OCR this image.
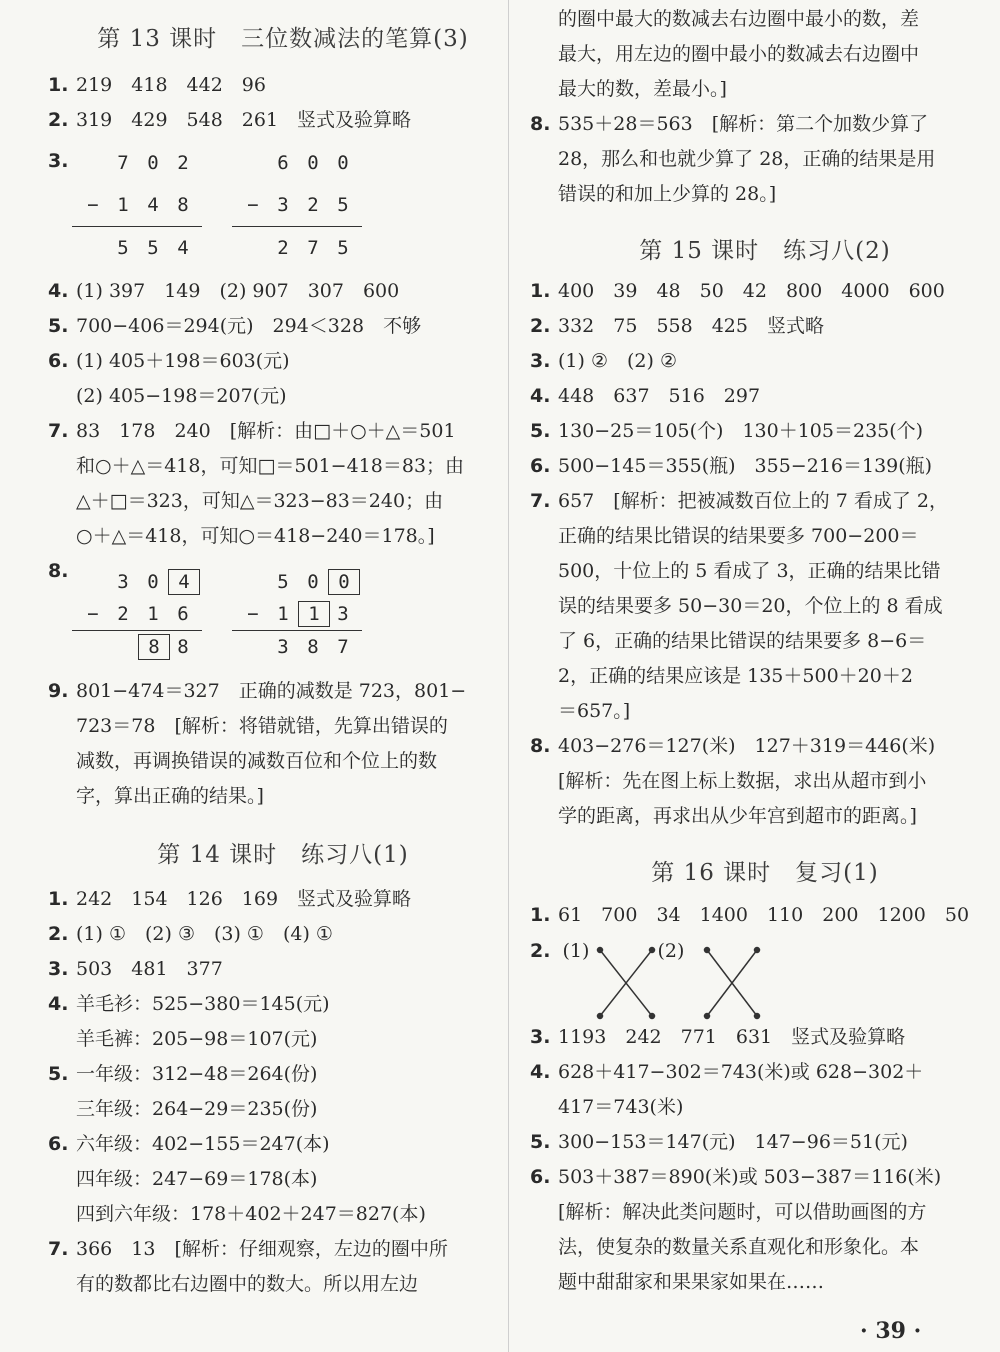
第 13 课时　三位数减法的笔算(3)
1. 219　418　442　96
2. 319　429　548　261　竖式及验算略
3.	7 0 2
− 1 4 8
5 5 4
6 0 0
− 3 2 5
2 7 5
4. (1) 397　149　(2) 907　307　600
5. 700−406＝294(元)　294＜328　不够
6. (1) 405＋198＝603(元)
(2) 405−198＝207(元)
7. 83　178　240　[解析：由□＋○＋△＝501
和○＋△＝418，可知□＝501−418＝83；由
△＋□＝323，可知△＝323−83＝240；由
○＋△＝418，可知○＝418−240＝178。]
8.	3 0 4
− 2 1 6
8 8
5 0 0
− 1 1 3
3 8 7
9. 801−474＝327　正确的减数是 723，801−
723＝78　[解析：将错就错，先算出错误的
减数，再调换错误的减数百位和个位上的数
字，算出正确的结果。]
第 14 课时　练习八(1)
1. 242　154　126　169　竖式及验算略
2. (1) ①　(2) ③　(3) ①　(4) ①
3. 503　481　377
4. 羊毛衫：525−380＝145(元)
羊毛裤：205−98＝107(元)
5. 一年级：312−48＝264(份)
三年级：264−29＝235(份)
6. 六年级：402−155＝247(本)
四年级：247−69＝178(本)
四到六年级：178＋402＋247＝827(本)
7. 366　13　[解析：仔细观察，左边的圈中所
有的数都比右边圈中的数大。所以用左边
的圈中最大的数减去右边圈中最小的数，差
最大，用左边的圈中最小的数减去右边圈中
最大的数，差最小。]
8. 535＋28＝563　[解析：第二个加数少算了
28，那么和也就少算了 28，正确的结果是用
错误的和加上少算的 28。]
第 15 课时　练习八(2)
1. 400　39　48　50　42　800　4000　600
2. 332　75　558　425　竖式略
3. (1) ②　(2) ②
4. 448　637　516　297
5. 130−25＝105(个)　130＋105＝235(个)
6. 500−145＝355(瓶)　355−216＝139(瓶)
7. 657　[解析：把被减数百位上的 7 看成了 2，
正确的结果比错误的结果要多 700−200＝
500，十位上的 5 看成了 3，正确的结果比错
误的结果要多 50−30＝20，个位上的 8 看成
了 6，正确的结果比错误的结果要多 8−6＝
2，正确的结果应该是 135＋500＋20＋2
＝657。]
8. 403−276＝127(米)　127＋319＝446(米)
[解析：先在图上标上数据，求出从超市到小
学的距离，再求出从少年宫到超市的距离。]
第 16 课时　复习(1)
1. 61　700　34　1400　110　200　1200　50
2. (1)	(2)
3. 1193　242　771　631　竖式及验算略
4. 628＋417−302＝743(米)或 628−302＋
417＝743(米)
5. 300−153＝147(元)　147−96＝51(元)
6. 503＋387＝890(米)或 503−387＝116(米)
[解析：解决此类问题时，可以借助画图的方
法，使复杂的数量关系直观化和形象化。本
题中甜甜家和果果家如果在……
· 39 ·
